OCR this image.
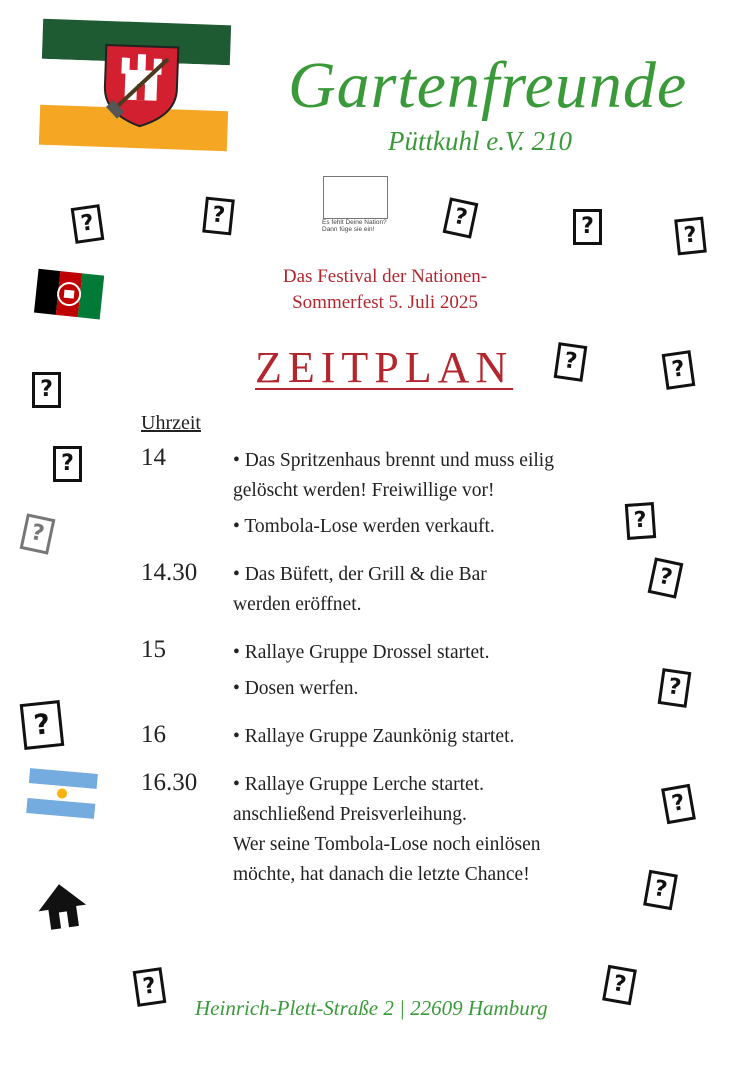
Gartenfreunde
Püttkuhl e.V. 210
Es fehlt Deine Nation?
Dann füge sie ein!
?	?	?	?	?
?	?
?
?
?	?
?
?
?
?
?
?	?
Das Festival der Nationen-
Sommerfest 5. Juli 2025
ZEITPLAN
Uhrzeit
14	• Das Spritzenhaus brennt und muss eilig
gelöscht werden! Freiwillige vor!
• Tombola-Lose werden verkauft.
14.30 • Das Büfett, der Grill & die Bar
werden eröffnet.
15	• Rallaye Gruppe Drossel startet.
• Dosen werfen.
16	• Rallaye Gruppe Zaunkönig startet.
16.30 • Rallaye Gruppe Lerche startet.
anschließend Preisverleihung.
Wer seine Tombola-Lose noch einlösen
möchte, hat danach die letzte Chance!
Heinrich-Plett-Straße 2 | 22609 Hamburg
